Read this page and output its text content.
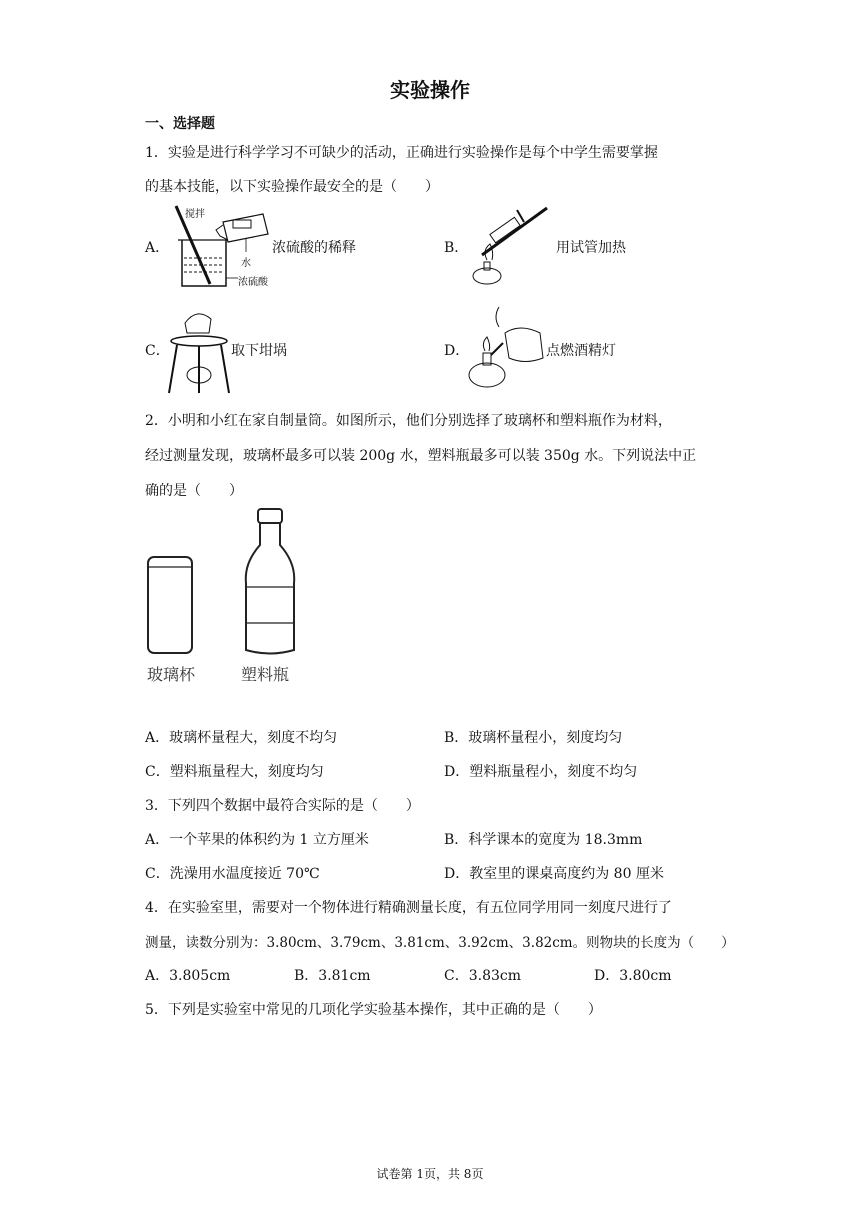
实验操作
一、选择题
1．实验是进行科学学习不可缺少的活动，正确进行实验操作是每个中学生需要掌握
的基本技能，以下实验操作最安全的是（　　）
A．
搅拌
水
浓硫酸
浓硫酸的稀释	B．	用试管加热
C．	取下坩埚	D．	点燃酒精灯
2．小明和小红在家自制量筒。如图所示，他们分别选择了玻璃杯和塑料瓶作为材料，
经过测量发现，玻璃杯最多可以装 200g 水，塑料瓶最多可以装 350g 水。下列说法中正
确的是（　　）
玻璃杯	塑料瓶
A．玻璃杯量程大，刻度不均匀	B．玻璃杯量程小，刻度均匀
C．塑料瓶量程大，刻度均匀	D．塑料瓶量程小，刻度不均匀
3．下列四个数据中最符合实际的是（　　）
A．一个苹果的体积约为 1 立方厘米	B．科学课本的宽度为 18.3mm
C．洗澡用水温度接近 70℃	D．教室里的课桌高度约为 80 厘米
4．在实验室里，需要对一个物体进行精确测量长度，有五位同学用同一刻度尺进行了
测量，读数分别为：3.80cm、3.79cm、3.81cm、3.92cm、3.82cm。则物块的长度为（　　）
A．3.805cm	B．3.81cm	C．3.83cm	D．3.80cm
5．下列是实验室中常见的几项化学实验基本操作，其中正确的是（　　）
试卷第 1页，共 8页
